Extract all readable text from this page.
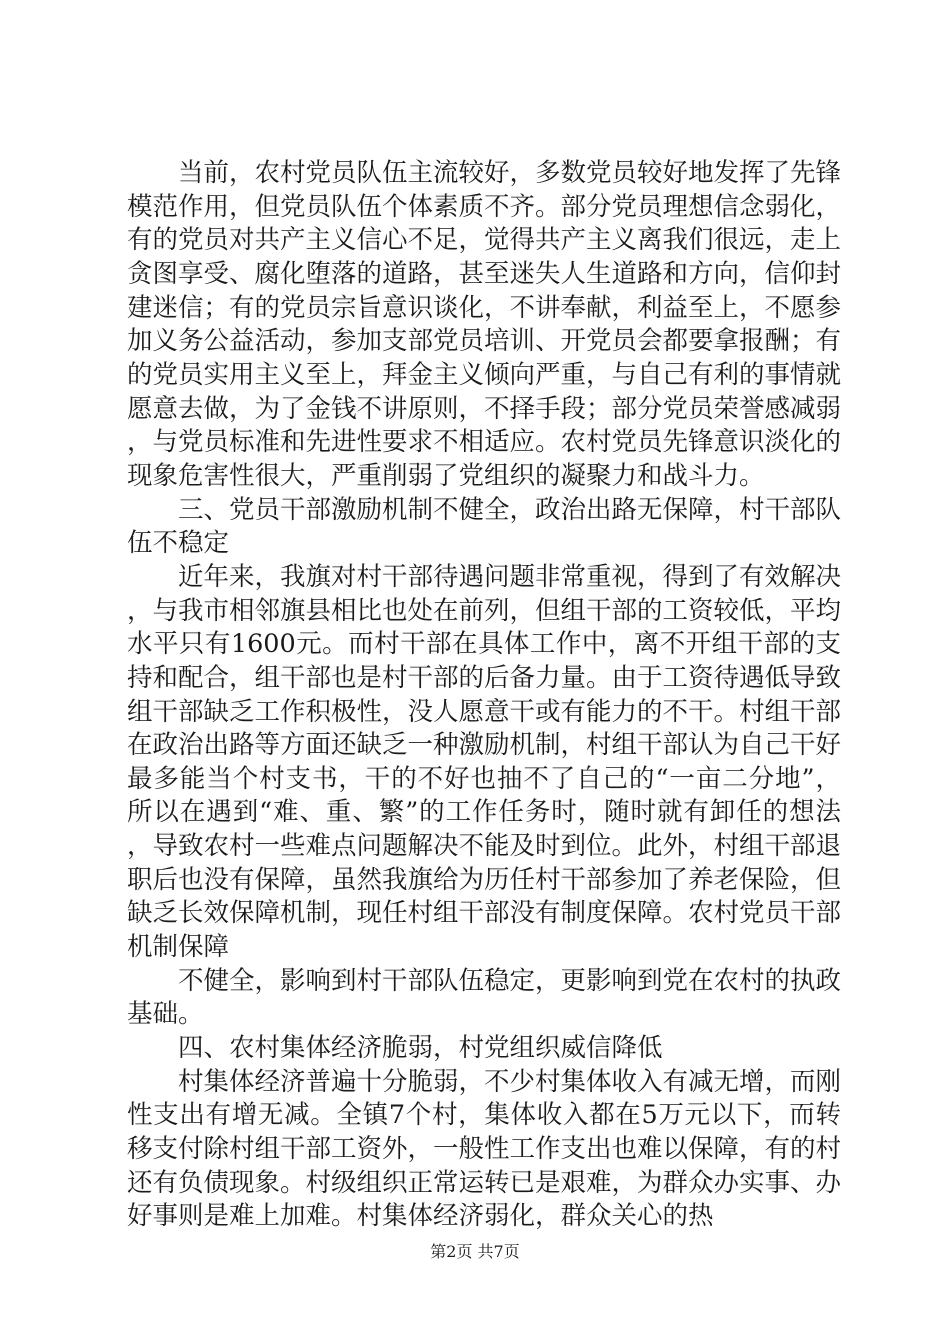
当前，农村党员队伍主流较好，多数党员较好地发挥了先锋模范作用，但党员队伍个体素质不齐。部分党员理想信念弱化，有的党员对共产主义信心不足，觉得共产主义离我们很远，走上贪图享受、腐化堕落的道路，甚至迷失人生道路和方向，信仰封建迷信；有的党员宗旨意识谈化，不讲奉献，利益至上，不愿参加义务公益活动，参加支部党员培训、开党员会都要拿报酬；有的党员实用主义至上，拜金主义倾向严重，与自己有利的事情就愿意去做，为了金钱不讲原则，不择手段；部分党员荣誉感减弱，与党员标准和先进性要求不相适应。农村党员先锋意识淡化的现象危害性很大，严重削弱了党组织的凝聚力和战斗力。

三、党员干部激励机制不健全，政治出路无保障，村干部队伍不稳定

近年来，我旗对村干部待遇问题非常重视，得到了有效解决，与我市相邻旗县相比也处在前列，但组干部的工资较低，平均水平只有1600元。而村干部在具体工作中，离不开组干部的支持和配合，组干部也是村干部的后备力量。由于工资待遇低导致组干部缺乏工作积极性，没人愿意干或有能力的不干。村组干部在政治出路等方面还缺乏一种激励机制，村组干部认为自己干好最多能当个村支书，干的不好也抽不了自己的“一亩二分地”，所以在遇到“难、重、繁”的工作任务时，随时就有卸任的想法，导致农村一些难点问题解决不能及时到位。此外，村组干部退职后也没有保障，虽然我旗给为历任村干部参加了养老保险，但缺乏长效保障机制，现任村组干部没有制度保障。农村党员干部机制保障

不健全，影响到村干部队伍稳定，更影响到党在农村的执政基础。

四、农村集体经济脆弱，村党组织威信降低

村集体经济普遍十分脆弱，不少村集体收入有减无增，而刚性支出有增无减。全镇7个村，集体收入都在5万元以下，而转移支付除村组干部工资外，一般性工作支出也难以保障，有的村还有负债现象。村级组织正常运转已是艰难，为群众办实事、办好事则是难上加难。村集体经济弱化，群众关心的热

第2页 共7页
